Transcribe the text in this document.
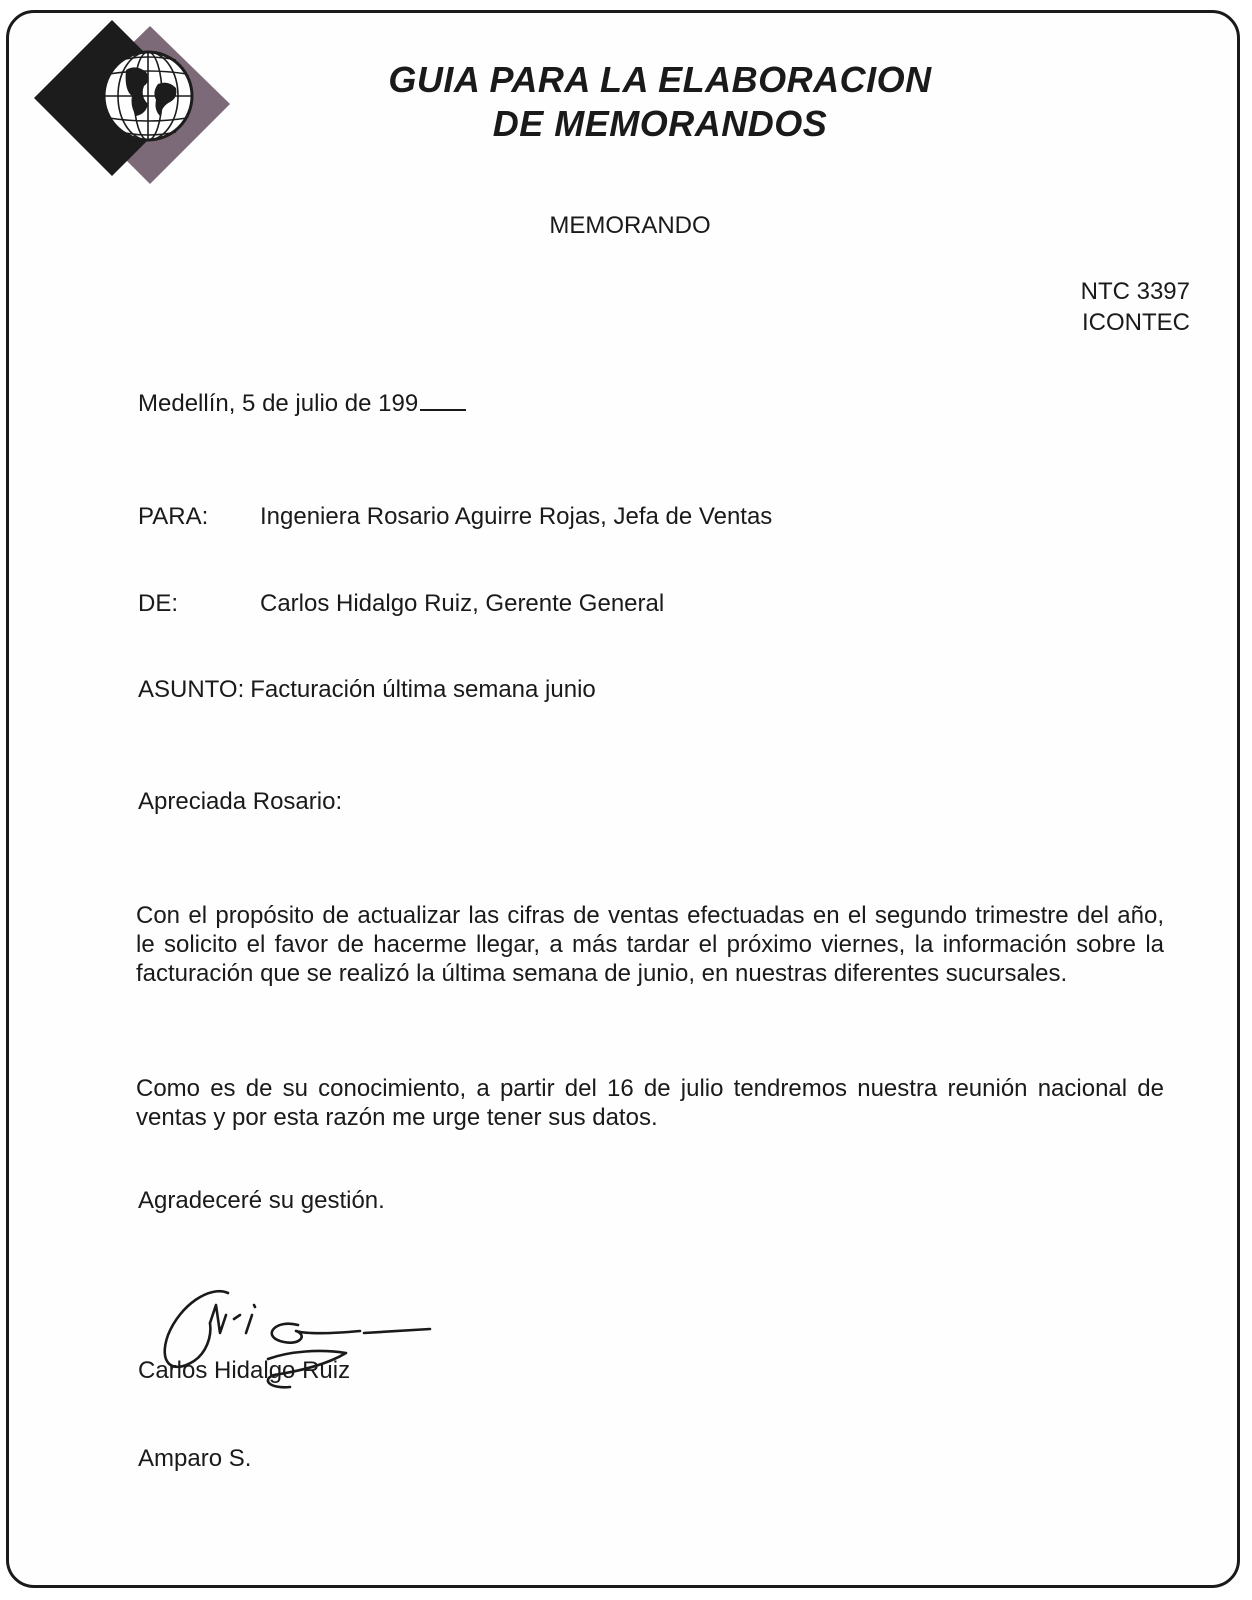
GUIA PARA LA ELABORACION
DE MEMORANDOS
MEMORANDO
NTC 3397
ICONTEC
Medellín, 5 de julio de 199
PARA: Ingeniera Rosario Aguirre Rojas, Jefa de Ventas
DE:	Carlos Hidalgo Ruiz, Gerente General
ASUNTO: Facturación última semana junio
Apreciada Rosario:
Con el propósito de actualizar las cifras de ventas efectuadas en el segundo trimestre del año, le solicito el favor de hacerme llegar, a más tardar el próximo viernes, la información sobre la facturación que se realizó la última semana de junio, en nuestras diferentes sucursales.
Como es de su conocimiento, a partir del 16 de julio tendremos nuestra reunión nacional de ventas y por esta razón me urge tener sus datos.
Agradeceré su gestión.
Carlos Hidalgo Ruiz
Amparo S.
